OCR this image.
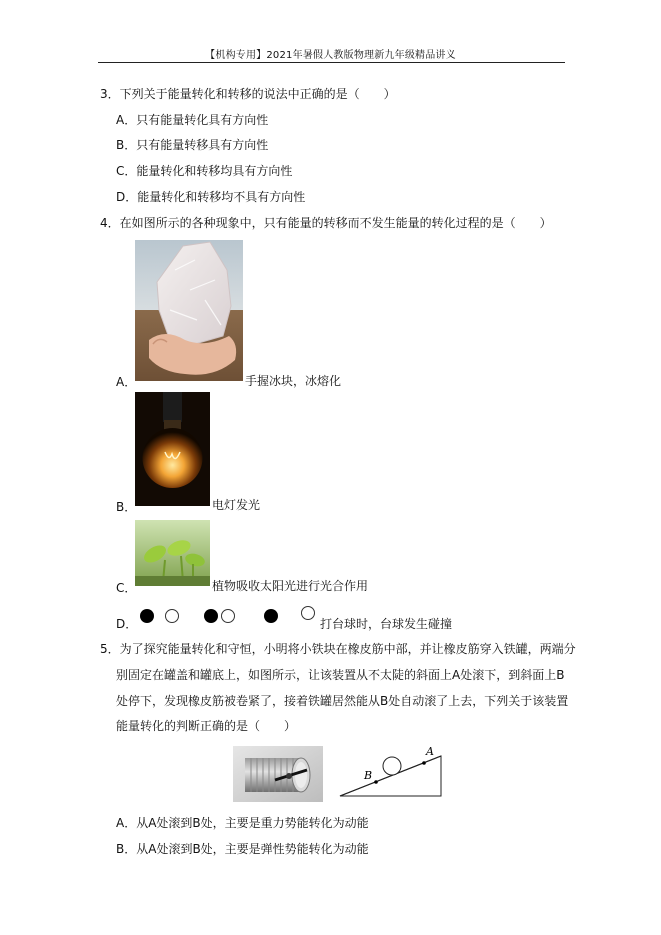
【机构专用】2021年暑假人教版物理新九年级精品讲义
3．下列关于能量转化和转移的说法中正确的是（　　）
A．只有能量转化具有方向性
B．只有能量转移具有方向性
C．能量转化和转移均具有方向性
D．能量转化和转移均不具有方向性
4．在如图所示的各种现象中，只有能量的转移而不发生能量的转化过程的是（　　）
A．	手握冰块，冰熔化
B．	电灯发光
C．	植物吸收太阳光进行光合作用
D．	打台球时，台球发生碰撞
5．为了探究能量转化和守恒，小明将小铁块在橡皮筋中部，并让橡皮筋穿入铁罐，两端分
别固定在罐盖和罐底上，如图所示，让该装置从不太陡的斜面上A处滚下，到斜面上B
处停下，发现橡皮筋被卷紧了，接着铁罐居然能从B处自动滚了上去，下列关于该装置
能量转化的判断正确的是（　　）
A
B
A．从A处滚到B处，主要是重力势能转化为动能
B．从A处滚到B处，主要是弹性势能转化为动能
